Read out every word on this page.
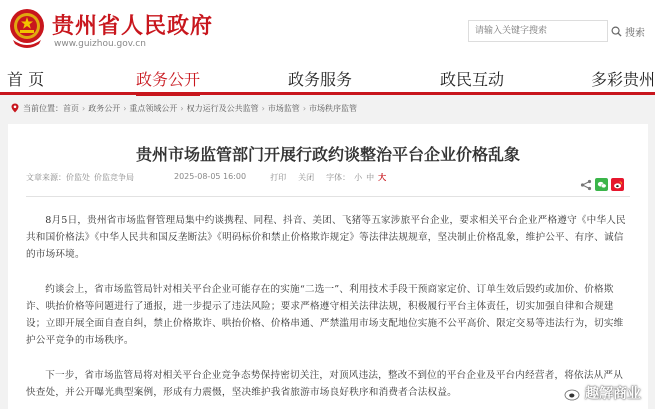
贵州省人民政府
www.guizhou.gov.cn
请输入关键字搜索
搜索
首 页	政务公开	政务服务	政民互动	多彩贵州
当前位置： 首页 › 政务公开 › 重点领域公开 › 权力运行及公共监管 › 市场监管 › 市场秩序监管
贵州市场监管部门开展行政约谈整治平台企业价格乱象
文章来源：价监处 价监竞争局	2025-08-05 16:00	打印 关闭 字体： 小 中 大

8月5日，贵州省市场监督管理局集中约谈携程、同程、抖音、美团、飞猪等五家涉旅平台企业，要求相关平台企业严格遵守《中华人民共和国价格法》《中华人民共和国反垄断法》《明码标价和禁止价格欺诈规定》等法律法规规章，坚决制止价格乱象，维护公平、有序、诚信的市场环境。

约谈会上，省市场监管局针对相关平台企业可能存在的实施“二选一”、利用技术手段干预商家定价、订单生效后毁约或加价、价格欺诈、哄抬价格等问题进行了通报，进一步提示了违法风险；要求严格遵守相关法律法规，积极履行平台主体责任，切实加强自律和合规建设；立即开展全面自查自纠，禁止价格欺诈、哄抬价格、价格串通、严禁滥用市场支配地位实施不公平高价、限定交易等违法行为，切实维护公平竞争的市场秩序。

下一步，省市场监管局将对相关平台企业竞争态势保持密切关注，对顶风违法，整改不到位的平台企业及平台内经营者，将依法从严从快查处，并公开曝光典型案例，形成有力震慑，坚决维护我省旅游市场良好秩序和消费者合法权益。	趣解商业
